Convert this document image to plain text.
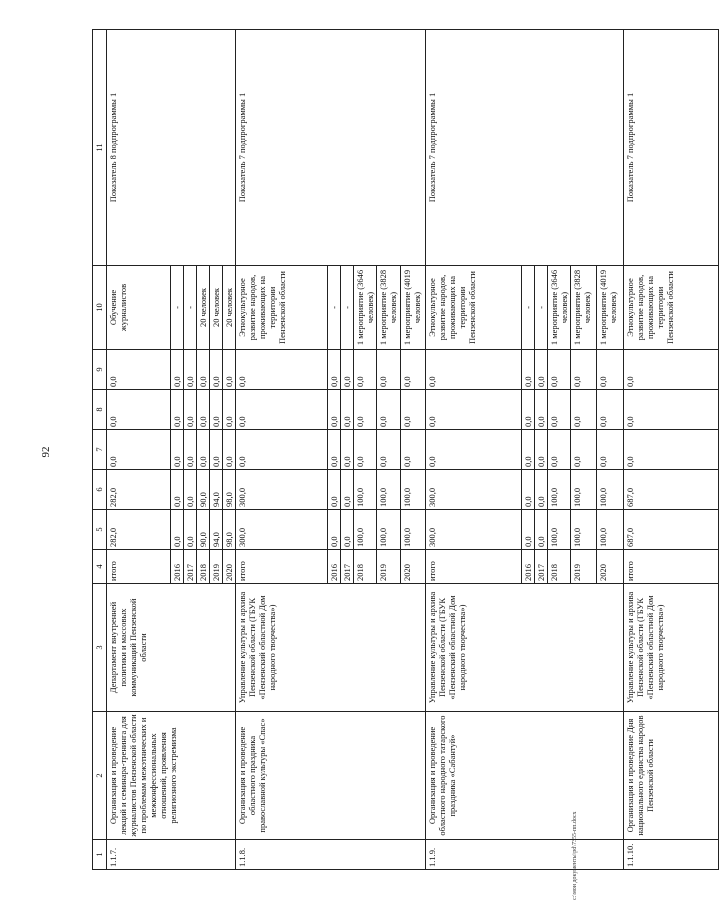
92
1	2	3	4	5	6	7	8	9	10	11
1.1.7.	Организация и проведение лекций и семинара-тренинга для журналистов Пензенской области по проблемам межэтнических и межконфессиональных отношений, проявления религиозного экстремизма	Департамент внутренней политики и массовых коммуникаций Пензенской области	итого	282,0	282,0	0,0	0,0	0,0	Обучение журналистов	Показатель 8 подпрограммы 1
			2016	0,0	0,0	0,0	0,0	0,0	-	
			2017	0,0	0,0	0,0	0,0	0,0	-	
			2018	90,0	90,0	0,0	0,0	0,0	20 человек	
			2019	94,0	94,0	0,0	0,0	0,0	20 человек	
			2020	98,0	98,0	0,0	0,0	0,0	20 человек	
1.1.8.	Организация и проведение областного праздника православной культуры «Спас»	Управление культуры и архива Пензенской области (ГБУК «Пензенский областной Дом народного творчества»)	итого	300,0	300,0	0,0	0,0	0,0	Этнокультурное развитие народов, проживающих на территории Пензенской области	Показатель 7 подпрограммы 1
			2016	0,0	0,0	0,0	0,0	0,0	-	
			2017	0,0	0,0	0,0	0,0	0,0	-	
			2018	100,0	100,0	0,0	0,0	0,0	1 мероприятие (3646 человек)	
			2019	100,0	100,0	0,0	0,0	0,0	1 мероприятие (3828 человек)	
			2020	100,0	100,0	0,0	0,0	0,0	1 мероприятие (4019 человек)	
1.1.9.	Организация и проведение областного народного татарского праздника «Сабантуй»	Управление культуры и архива Пензенской области (ГБУК «Пензенский областной Дом народного творчества»)	итого	300,0	300,0	0,0	0,0	0,0	Этнокультурное развитие народов, проживающих на территории Пензенской области	Показатель 7 подпрограммы 1
			2016	0,0	0,0	0,0	0,0	0,0	-	
			2017	0,0	0,0	0,0	0,0	0,0	-	
			2018	100,0	100,0	0,0	0,0	0,0	1 мероприятие (3646 человек)	
			2019	100,0	100,0	0,0	0,0	0,0	1 мероприятие (3828 человек)	
			2020	100,0	100,0	0,0	0,0	0,0	1 мероприятие (4019 человек)	
1.1.10.	Организация и проведение Дня национального единства народов Пензенской области	Управление культуры и архива Пензенской области (ГБУК «Пензенский областной Дом народного творчества»)	итого	687,0	687,0	0,0	0,0	0,0	Этнокультурное развитие народов, проживающих на территории Пензенской области	Показатель 7 подпрограммы 1
c:\мои документы\pd\7355-пп.docx
